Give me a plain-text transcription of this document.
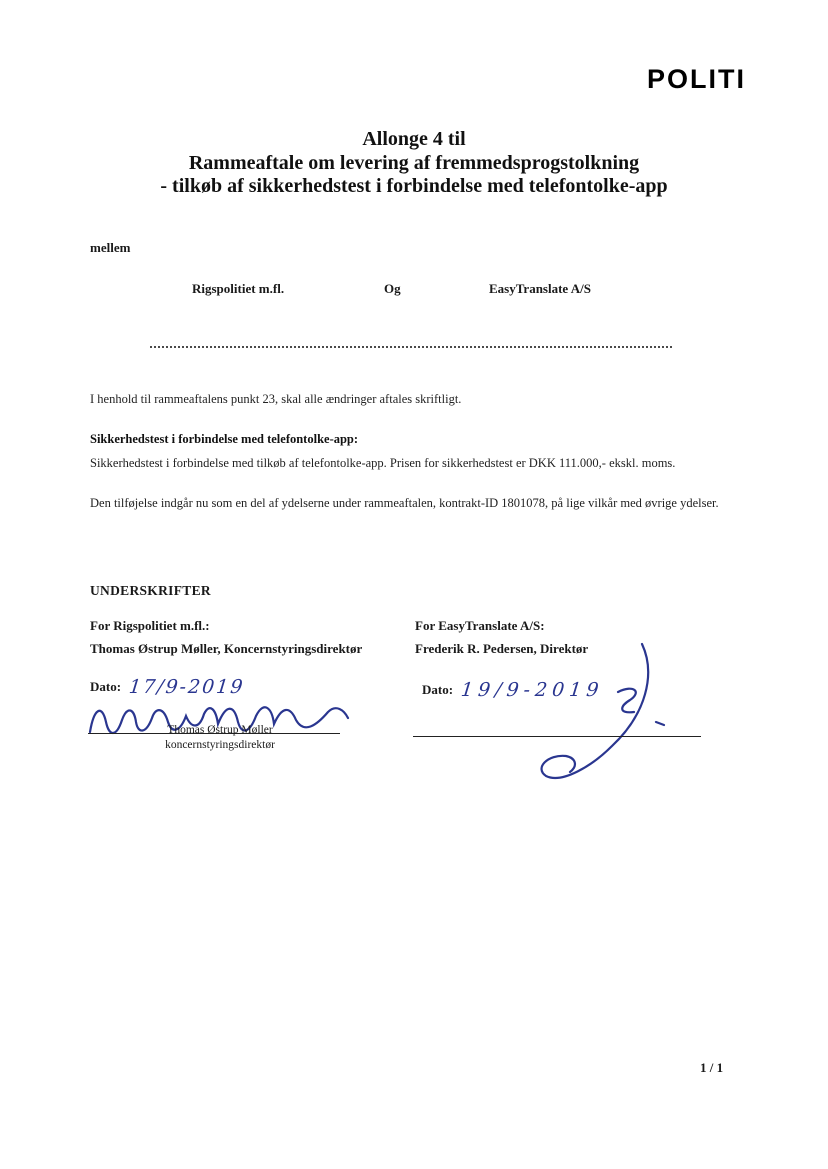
POLITI
Allonge 4 til
Rammeaftale om levering af fremmedsprogstolkning
- tilkøb af sikkerhedstest i forbindelse med telefontolke-app
mellem
Rigspolitiet m.fl.	Og	EasyTranslate A/S
I henhold til rammeaftalens punkt 23, skal alle ændringer aftales skriftligt.
Sikkerhedstest i forbindelse med telefontolke-app:
Sikkerhedstest i forbindelse med tilkøb af telefontolke-app. Prisen for sikkerhedstest er DKK 111.000,- ekskl. moms.
Den tilføjelse indgår nu som en del af ydelserne under rammeaftalen, kontrakt-ID 1801078, på lige vilkår med øvrige ydelser.
UNDERSKRIFTER
For Rigspolitiet m.fl.:
Thomas Østrup Møller, Koncernstyringsdirektør
Dato: 17/9-2019
Thomas Østrup Møller
koncernstyringsdirektør
For EasyTranslate A/S:
Frederik R. Pedersen, Direktør
Dato: 19/9-2019
1 / 1
